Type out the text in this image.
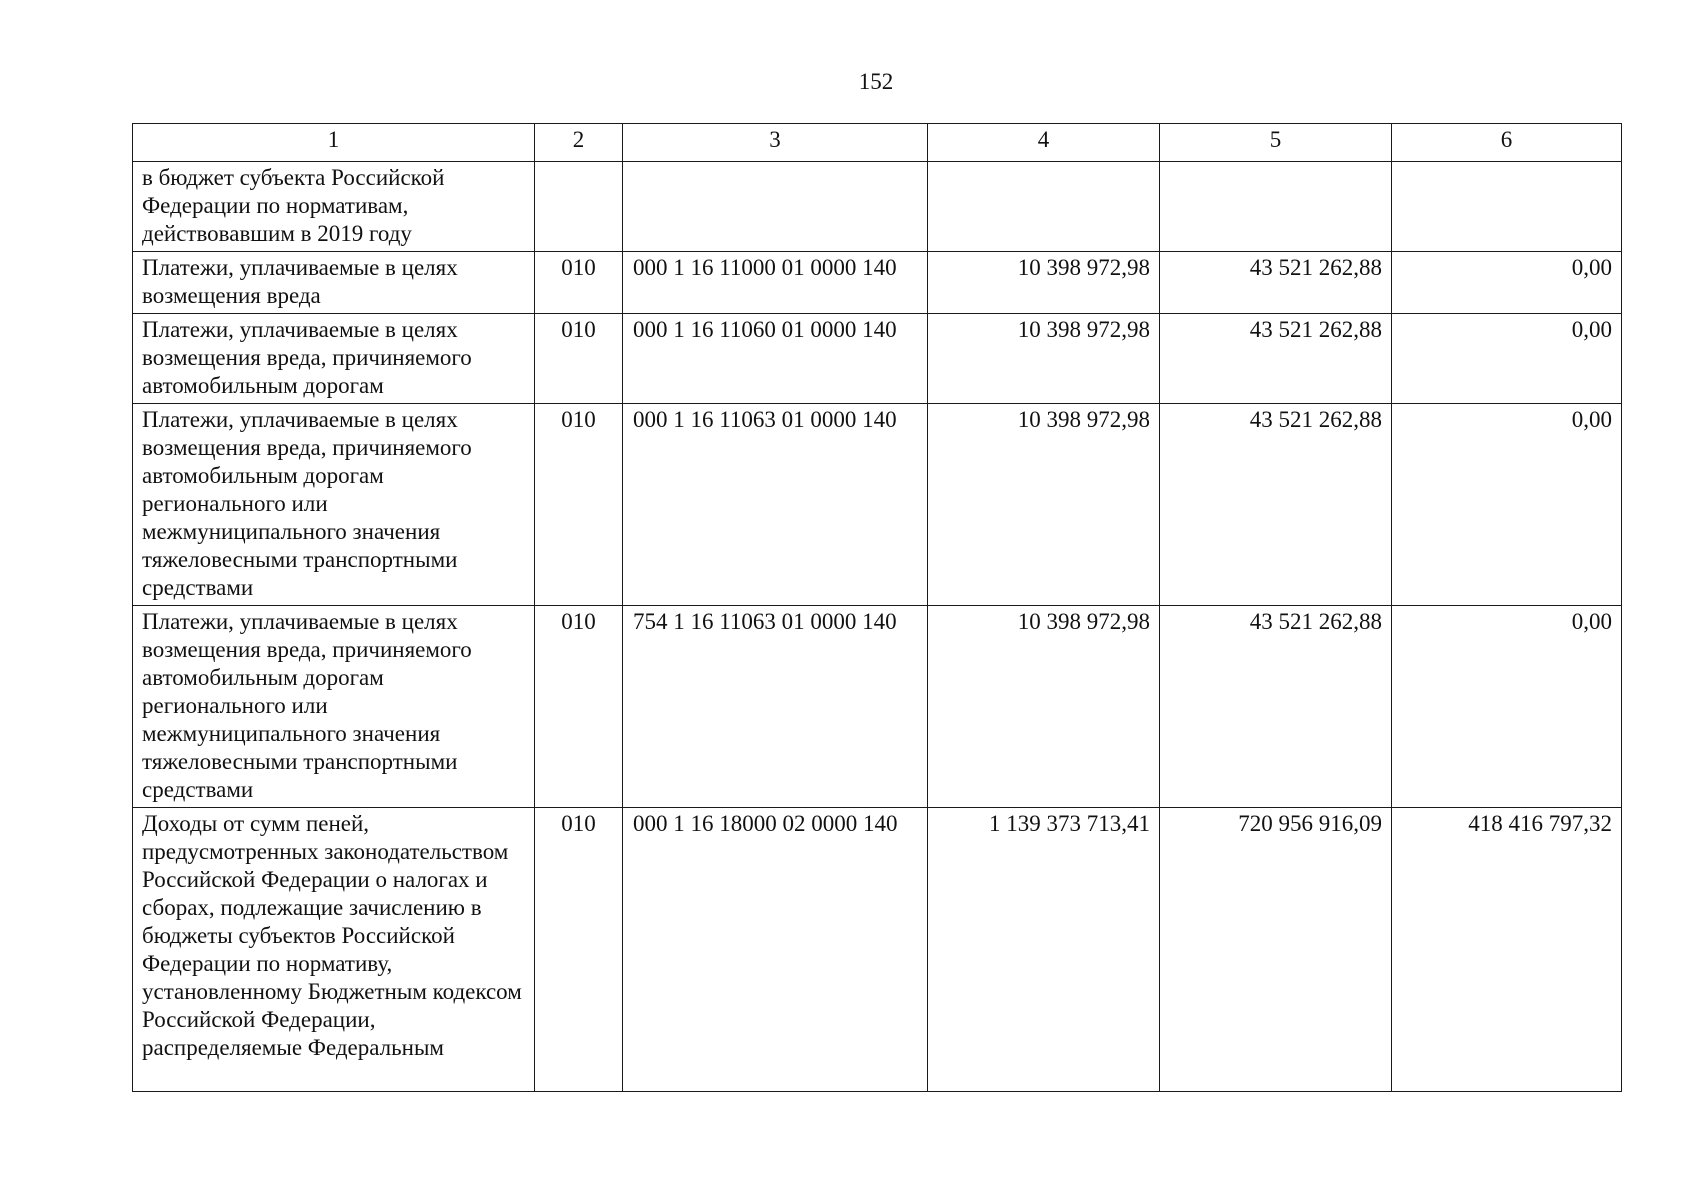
152
1	2	3	4	5	6
в бюджет субъекта Российской Федерации по нормативам, действовавшим в 2019 году					
Платежи, уплачиваемые в целях возмещения вреда	010	000 1 16 11000 01 0000 140	10 398 972,98	43 521 262,88	0,00
Платежи, уплачиваемые в целях возмещения вреда, причиняемого автомобильным дорогам	010	000 1 16 11060 01 0000 140	10 398 972,98	43 521 262,88	0,00
Платежи, уплачиваемые в целях возмещения вреда, причиняемого автомобильным дорогам регионального или межмуниципального значения тяжеловесными транспортными средствами	010	000 1 16 11063 01 0000 140	10 398 972,98	43 521 262,88	0,00
Платежи, уплачиваемые в целях возмещения вреда, причиняемого автомобильным дорогам регионального или межмуниципального значения тяжеловесными транспортными средствами	010	754 1 16 11063 01 0000 140	10 398 972,98	43 521 262,88	0,00
Доходы от сумм пеней, предусмотренных законодательством Российской Федерации о налогах и сборах, подлежащие зачислению в бюджеты субъектов Российской Федерации по нормативу, установленному Бюджетным кодексом Российской Федерации, распределяемые Федеральным	010	000 1 16 18000 02 0000 140	1 139 373 713,41	720 956 916,09	418 416 797,32
